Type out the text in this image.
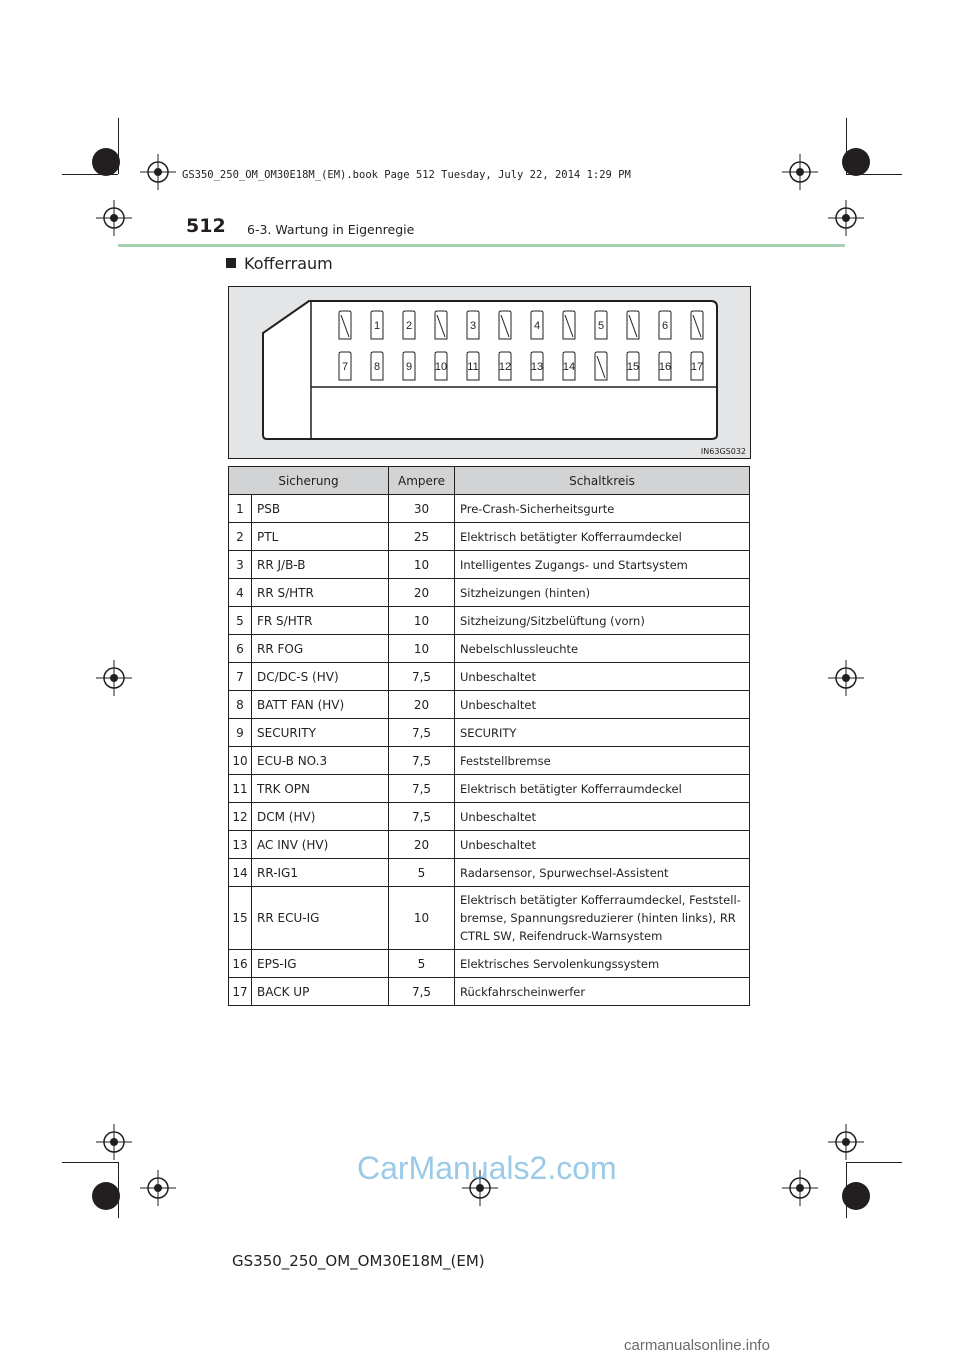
GS350_250_OM_OM30E18M_(EM).book Page 512 Tuesday, July 22, 2014 1:29 PM
512 6-3. Wartung in Eigenregie
Kofferraum
1 2	3	4	5	6
7 8 9 10 11 12 13 14	15 16 17
IN63GS032
Sicherung		Ampere	Schaltkreis
1	PSB	30	Pre-Crash-Sicherheitsgurte
2	PTL	25	Elektrisch betätigter Kofferraumdeckel
3	RR J/B-B	10	Intelligentes Zugangs- und Startsystem
4	RR S/HTR	20	Sitzheizungen (hinten)
5	FR S/HTR	10	Sitzheizung/Sitzbelüftung (vorn)
6	RR FOG	10	Nebelschlussleuchte
7	DC/DC-S (HV)	7,5	Unbeschaltet
8	BATT FAN (HV)	20	Unbeschaltet
9	SECURITY	7,5	SECURITY
10	ECU-B NO.3	7,5	Feststellbremse
11	TRK OPN	7,5	Elektrisch betätigter Kofferraumdeckel
12	DCM (HV)	7,5	Unbeschaltet
13	AC INV (HV)	20	Unbeschaltet
14	RR-IG1	5	Radarsensor, Spurwechsel-Assistent
15	RR ECU-IG	10	Elektrisch betätigter Kofferraumdeckel, Feststell-bremse, Spannungsreduzierer (hinten links), RR CTRL SW, Reifendruck-Warnsystem
16	EPS-IG	5	Elektrisches Servolenkungssystem
17	BACK UP	7,5	Rückfahrscheinwerfer
CarManuals2.com
GS350_250_OM_OM30E18M_(EM)
carmanualsonline.info
